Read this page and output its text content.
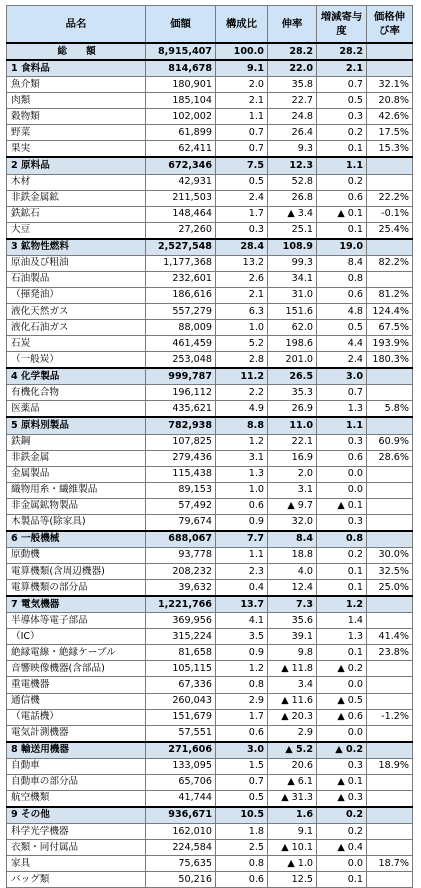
品名	価額	構成比	伸率	増減寄与度	価格伸び率
総　　額	8,915,407	100.0	28.2	28.2	
1 食料品	814,678	9.1	22.0	2.1	
魚介類	180,901	2.0	35.8	0.7	32.1%
肉類	185,104	2.1	22.7	0.5	20.8%
穀物類	102,002	1.1	24.8	0.3	42.6%
野菜	61,899	0.7	26.4	0.2	17.5%
果実	62,411	0.7	9.3	0.1	15.3%
2 原料品	672,346	7.5	12.3	1.1	
木材	42,931	0.5	52.8	0.2	
非鉄金属鉱	211,503	2.4	26.8	0.6	22.2%
鉄鉱石	148,464	1.7	▲ 3.4	▲ 0.1	-0.1%
大豆	27,260	0.3	25.1	0.1	25.4%
3 鉱物性燃料	2,527,548	28.4	108.9	19.0	
原油及び粗油	1,177,368	13.2	99.3	8.4	82.2%
石油製品	232,601	2.6	34.1	0.8	
（揮発油）	186,616	2.1	31.0	0.6	81.2%
液化天然ガス	557,279	6.3	151.6	4.8	124.4%
液化石油ガス	88,009	1.0	62.0	0.5	67.5%
石炭	461,459	5.2	198.6	4.4	193.9%
（一般炭）	253,048	2.8	201.0	2.4	180.3%
4 化学製品	999,787	11.2	26.5	3.0	
有機化合物	196,112	2.2	35.3	0.7	
医薬品	435,621	4.9	26.9	1.3	5.8%
5 原料別製品	782,938	8.8	11.0	1.1	
鉄鋼	107,825	1.2	22.1	0.3	60.9%
非鉄金属	279,436	3.1	16.9	0.6	28.6%
金属製品	115,438	1.3	2.0	0.0	
織物用糸・繊維製品	89,153	1.0	3.1	0.0	
非金属鉱物製品	57,492	0.6	▲ 9.7	▲ 0.1	
木製品等(除家具)	79,674	0.9	32.0	0.3	
6 一般機械	688,067	7.7	8.4	0.8	
原動機	93,778	1.1	18.8	0.2	30.0%
電算機類(含周辺機器)	208,232	2.3	4.0	0.1	32.5%
電算機類の部分品	39,632	0.4	12.4	0.1	25.0%
7 電気機器	1,221,766	13.7	7.3	1.2	
半導体等電子部品	369,956	4.1	35.6	1.4	
（IC）	315,224	3.5	39.1	1.3	41.4%
絶縁電線・絶縁ケーブル	81,658	0.9	9.8	0.1	23.8%
音響映像機器(含部品)	105,115	1.2	▲ 11.8	▲ 0.2	
重電機器	67,336	0.8	3.4	0.0	
通信機	260,043	2.9	▲ 11.6	▲ 0.5	
（電話機）	151,679	1.7	▲ 20.3	▲ 0.6	-1.2%
電気計測機器	57,551	0.6	2.9	0.0	
8 輸送用機器	271,606	3.0	▲ 5.2	▲ 0.2	
自動車	133,095	1.5	20.6	0.3	18.9%
自動車の部分品	65,706	0.7	▲ 6.1	▲ 0.1	
航空機類	41,744	0.5	▲ 31.3	▲ 0.3	
9 その他	936,671	10.5	1.6	0.2	
科学光学機器	162,010	1.8	9.1	0.2	
衣類・同付属品	224,584	2.5	▲ 10.1	▲ 0.4	
家具	75,635	0.8	▲ 1.0	0.0	18.7%
バッグ類	50,216	0.6	12.5	0.1	
